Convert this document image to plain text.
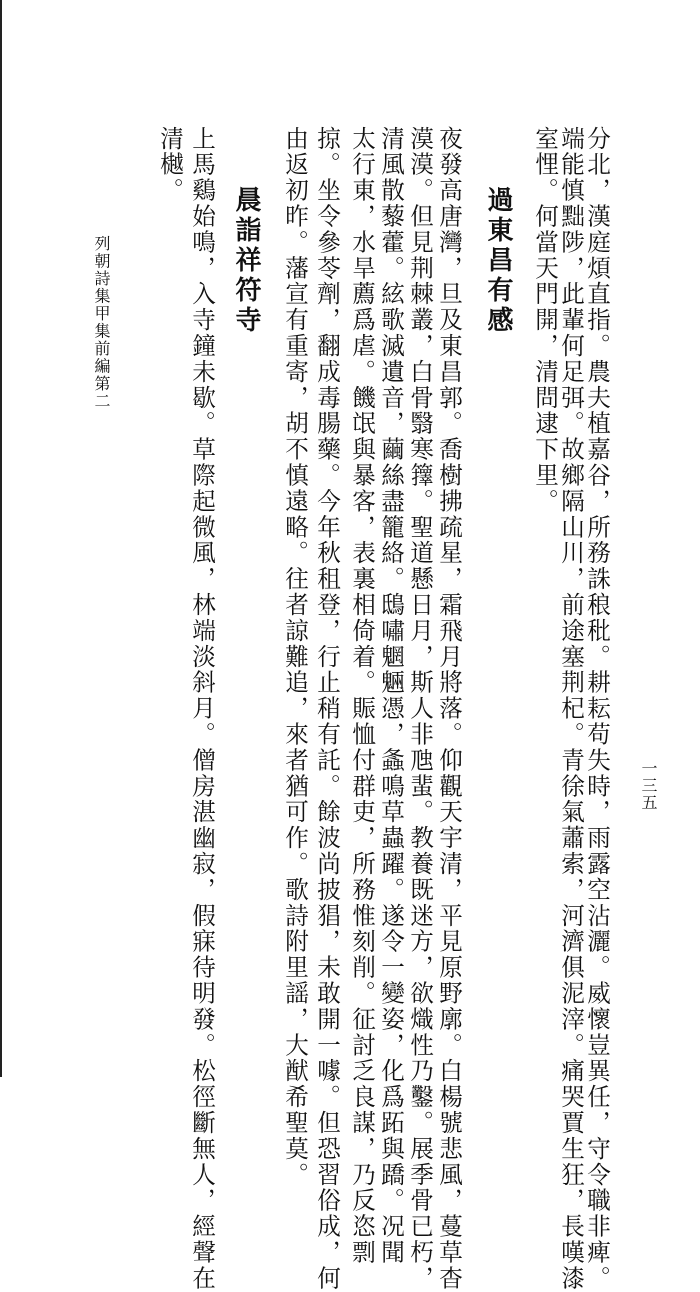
分北，漢庭煩直指。農夫植嘉谷，所務誅稂秕。耕耘苟失時，雨露空沾灑。威懷豈異任，守令職非痺。

端能慎黜陟，此輩何足弭。故鄉隔山川，前途塞荆杞。青徐氣蕭索，河濟俱泥滓。痛哭賈生狂，長嘆漆

室悝。何當天門開，清問逮下里。

過東昌有感

夜發高唐灣，旦及東昌郭。喬樹拂疏星，霜飛月將落。仰觀天宇清，平見原野廓。白楊號悲風，蔓草杳

漠漠。但見荆棘叢，白骨翳寒籜。聖道懸日月，斯人非虺蜚。教養既迷方，欲熾性乃鑿。展季骨已朽，

清風散藜藿。絃歌滅遺音，繭絲盡籠絡。鴟嘯魍魎憑，螽鳴草蟲躍。遂令一變姿，化爲跖與蹻。况聞

太行東，水旱薦爲虐。饑氓與暴客，表裏相倚着。賑恤付群吏，所務惟刻削。征討乏良謀，乃反恣剽

掠。坐令參苓劑，翻成毒腸藥。今年秋租登，行止稍有託。餘波尚披猖，未敢開一噱。但恐習俗成，何

由返初昨。藩宣有重寄，胡不慎遠略。往者諒難追，來者猶可作。歌詩附里謡，大猷希聖莫。

晨詣祥符寺

上馬鷄始鳴，入寺鐘未歇。草際起微風，林端淡斜月。僧房湛幽寂，假寐待明發。松徑斷無人，經聲在

清樾。

列朝詩集甲集前編第二
一三五
